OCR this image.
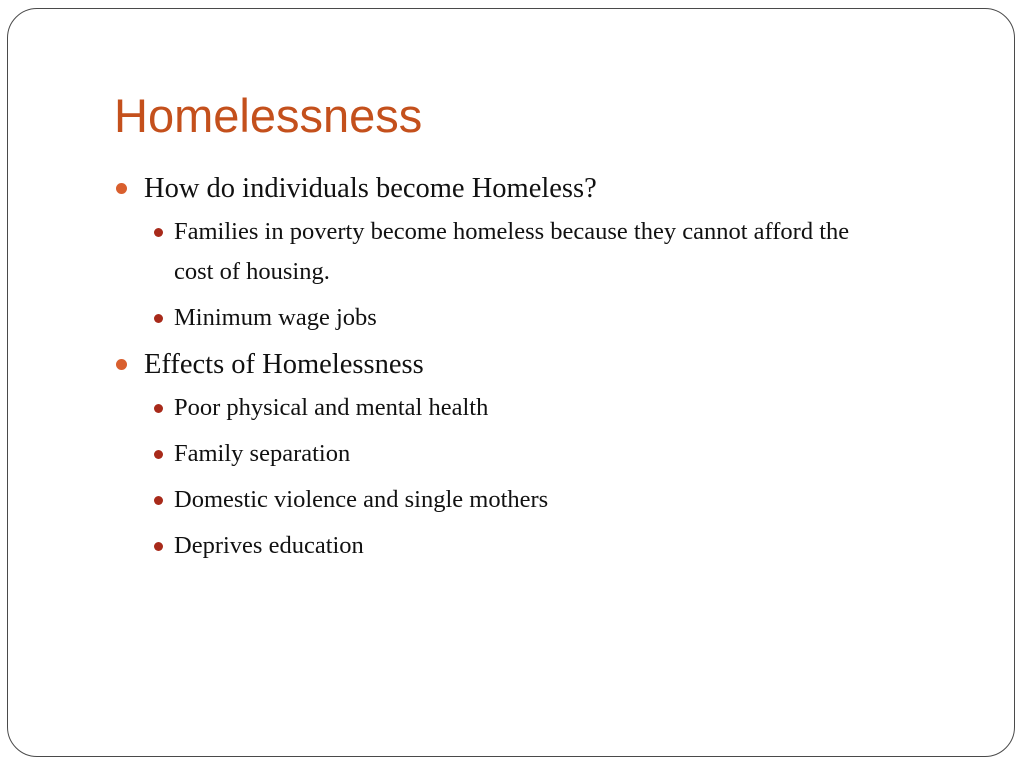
Homelessness
How do individuals become Homeless?
Families in poverty become homeless because they cannot afford the cost of housing.
Minimum wage jobs
Effects of Homelessness
Poor physical and mental health
Family separation
Domestic violence and single mothers
Deprives education
